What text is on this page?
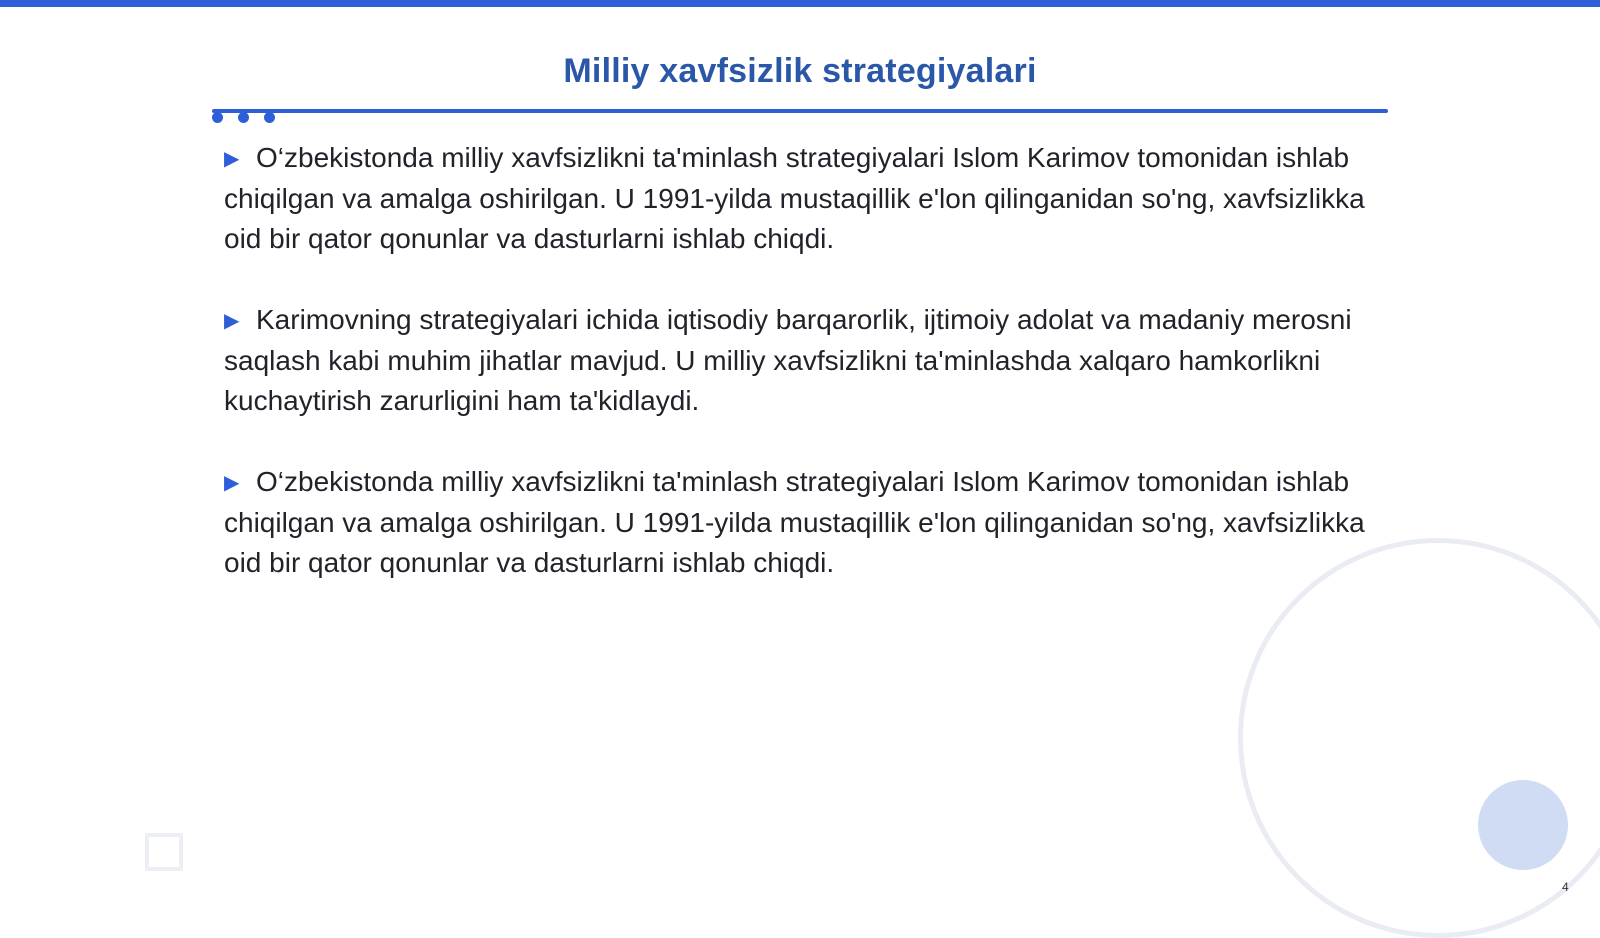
Milliy xavfsizlik strategiyalari

▶ O‘zbekistonda milliy xavfsizlikni ta'minlash strategiyalari Islom Karimov tomonidan ishlab chiqilgan va amalga oshirilgan. U 1991-yilda mustaqillik e'lon qilinganidan so'ng, xavfsizlikka oid bir qator qonunlar va dasturlarni ishlab chiqdi.

▶ Karimovning strategiyalari ichida iqtisodiy barqarorlik, ijtimoiy adolat va madaniy merosni saqlash kabi muhim jihatlar mavjud. U milliy xavfsizlikni ta'minlashda xalqaro hamkorlikni kuchaytirish zarurligini ham ta'kidlaydi.

▶ O‘zbekistonda milliy xavfsizlikni ta'minlash strategiyalari Islom Karimov tomonidan ishlab chiqilgan va amalga oshirilgan. U 1991-yilda mustaqillik e'lon qilinganidan so'ng, xavfsizlikka oid bir qator qonunlar va dasturlarni ishlab chiqdi.

4
